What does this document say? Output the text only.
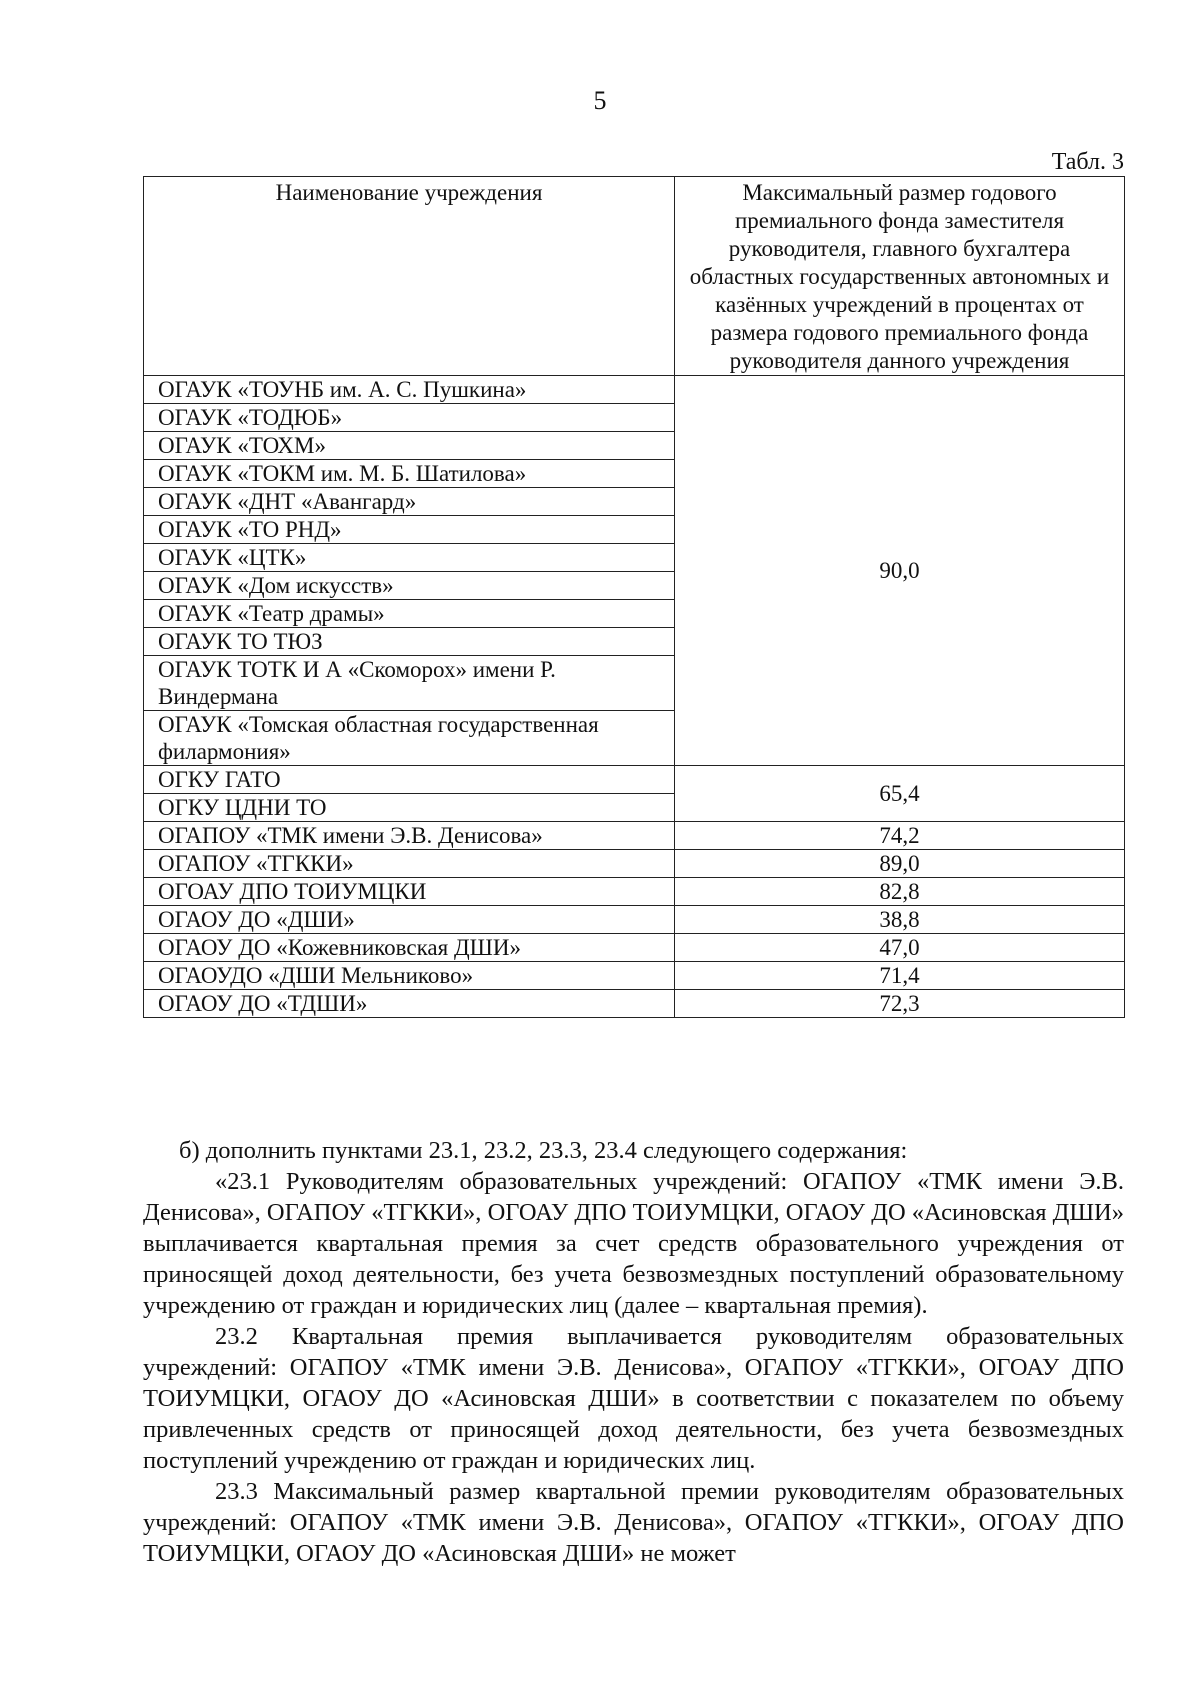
5
Табл. 3
Наименование учреждения	Максимальный размер годового премиального фонда заместителя руководителя, главного бухгалтера областных государственных автономных и казённых учреждений в процентах от размера годового премиального фонда руководителя данного учреждения
ОГАУК «ТОУНБ им. А. С. Пушкина»	90,0
ОГАУК «ТОДЮБ»	
ОГАУК «ТОХМ»	
ОГАУК «ТОКМ им. М. Б. Шатилова»	
ОГАУК «ДНТ «Авангард»	
ОГАУК «ТО РНД»	
ОГАУК «ЦТК»	
ОГАУК «Дом искусств»	
ОГАУК «Театр драмы»	
ОГАУК ТО ТЮЗ	
ОГАУК ТОТК И А «Скоморох» имени Р. Виндермана	
ОГАУК «Томская областная государственная филармония»	
ОГКУ ГАТО	65,4
ОГКУ ЦДНИ ТО	
ОГАПОУ «ТМК имени Э.В. Денисова»	74,2
ОГАПОУ «ТГККИ»	89,0
ОГОАУ ДПО ТОИУМЦКИ	82,8
ОГАОУ ДО «ДШИ»	38,8
ОГАОУ ДО «Кожевниковская ДШИ»	47,0
ОГАОУДО «ДШИ Мельниково»	71,4
ОГАОУ ДО «ТДШИ»	72,3

б) дополнить пунктами 23.1, 23.2, 23.3, 23.4 следующего содержания:

«23.1 Руководителям образовательных учреждений: ОГАПОУ «ТМК имени Э.В. Денисова», ОГАПОУ «ТГККИ», ОГОАУ ДПО ТОИУМЦКИ, ОГАОУ ДО «Асиновская ДШИ» выплачивается квартальная премия за счет средств образовательного учреждения от приносящей доход деятельности, без учета безвозмездных поступлений образовательному учреждению от граждан и юридических лиц (далее – квартальная премия).

23.2 Квартальная премия выплачивается руководителям образовательных учреждений: ОГАПОУ «ТМК имени Э.В. Денисова», ОГАПОУ «ТГККИ», ОГОАУ ДПО ТОИУМЦКИ, ОГАОУ ДО «Асиновская ДШИ» в соответствии с показателем по объему привлеченных средств от приносящей доход деятельности, без учета безвозмездных поступлений учреждению от граждан и юридических лиц.

23.3 Максимальный размер квартальной премии руководителям образовательных учреждений: ОГАПОУ «ТМК имени Э.В. Денисова», ОГАПОУ «ТГККИ», ОГОАУ ДПО ТОИУМЦКИ, ОГАОУ ДО «Асиновская ДШИ» не может
